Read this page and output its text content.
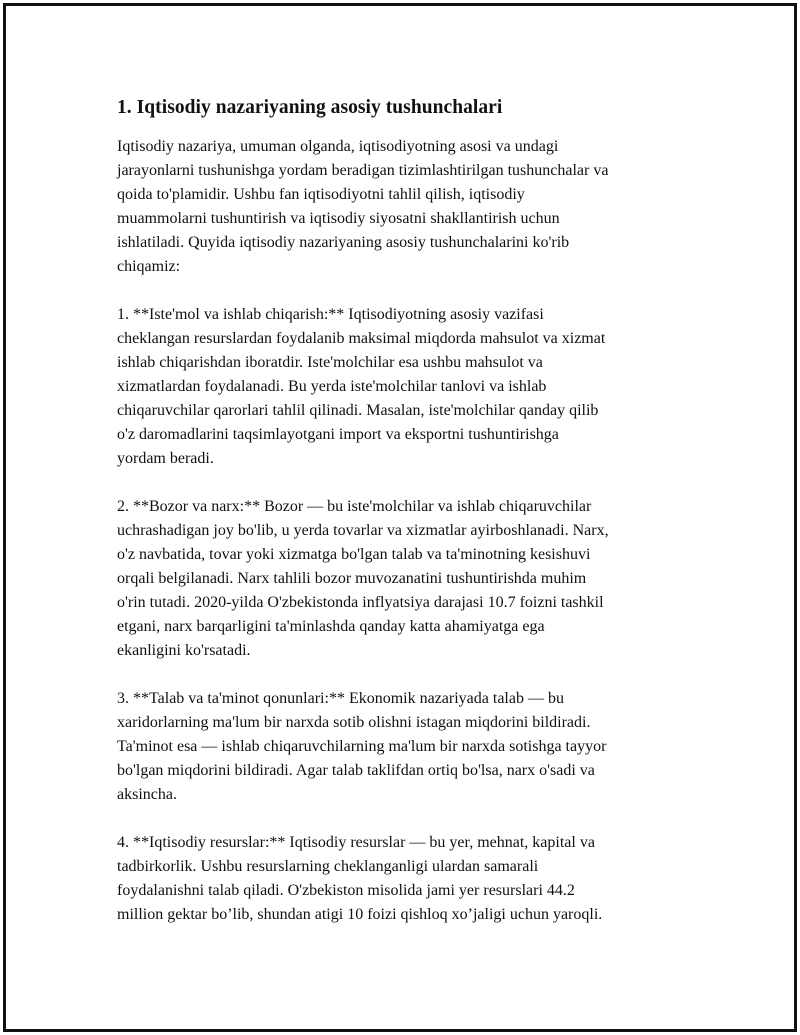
1. Iqtisodiy nazariyaning asosiy tushunchalari

Iqtisodiy nazariya, umuman olganda, iqtisodiyotning asosi va undagi
jarayonlarni tushunishga yordam beradigan tizimlashtirilgan tushunchalar va
qoida to'plamidir. Ushbu fan iqtisodiyotni tahlil qilish, iqtisodiy
muammolarni tushuntirish va iqtisodiy siyosatni shakllantirish uchun
ishlatiladi. Quyida iqtisodiy nazariyaning asosiy tushunchalarini ko'rib
chiqamiz:

1. **Iste'mol va ishlab chiqarish:** Iqtisodiyotning asosiy vazifasi
cheklangan resurslardan foydalanib maksimal miqdorda mahsulot va xizmat
ishlab chiqarishdan iboratdir. Iste'molchilar esa ushbu mahsulot va
xizmatlardan foydalanadi. Bu yerda iste'molchilar tanlovi va ishlab
chiqaruvchilar qarorlari tahlil qilinadi. Masalan, iste'molchilar qanday qilib
o'z daromadlarini taqsimlayotgani import va eksportni tushuntirishga
yordam beradi.

2. **Bozor va narx:** Bozor — bu iste'molchilar va ishlab chiqaruvchilar
uchrashadigan joy bo'lib, u yerda tovarlar va xizmatlar ayirboshlanadi. Narx,
o'z navbatida, tovar yoki xizmatga bo'lgan talab va ta'minotning kesishuvi
orqali belgilanadi. Narx tahlili bozor muvozanatini tushuntirishda muhim
o'rin tutadi. 2020-yilda O'zbekistonda inflyatsiya darajasi 10.7 foizni tashkil
etgani, narx barqarligini ta'minlashda qanday katta ahamiyatga ega
ekanligini ko'rsatadi.

3. **Talab va ta'minot qonunlari:** Ekonomik nazariyada talab — bu
xaridorlarning ma'lum bir narxda sotib olishni istagan miqdorini bildiradi.
Ta'minot esa — ishlab chiqaruvchilarning ma'lum bir narxda sotishga tayyor
bo'lgan miqdorini bildiradi. Agar talab taklifdan ortiq bo'lsa, narx o'sadi va
aksincha.

4. **Iqtisodiy resurslar:** Iqtisodiy resurslar — bu yer, mehnat, kapital va
tadbirkorlik. Ushbu resurslarning cheklanganligi ulardan samarali
foydalanishni talab qiladi. O'zbekiston misolida jami yer resurslari 44.2
million gektar bo’lib, shundan atigi 10 foizi qishloq xo’jaligi uchun yaroqli.
